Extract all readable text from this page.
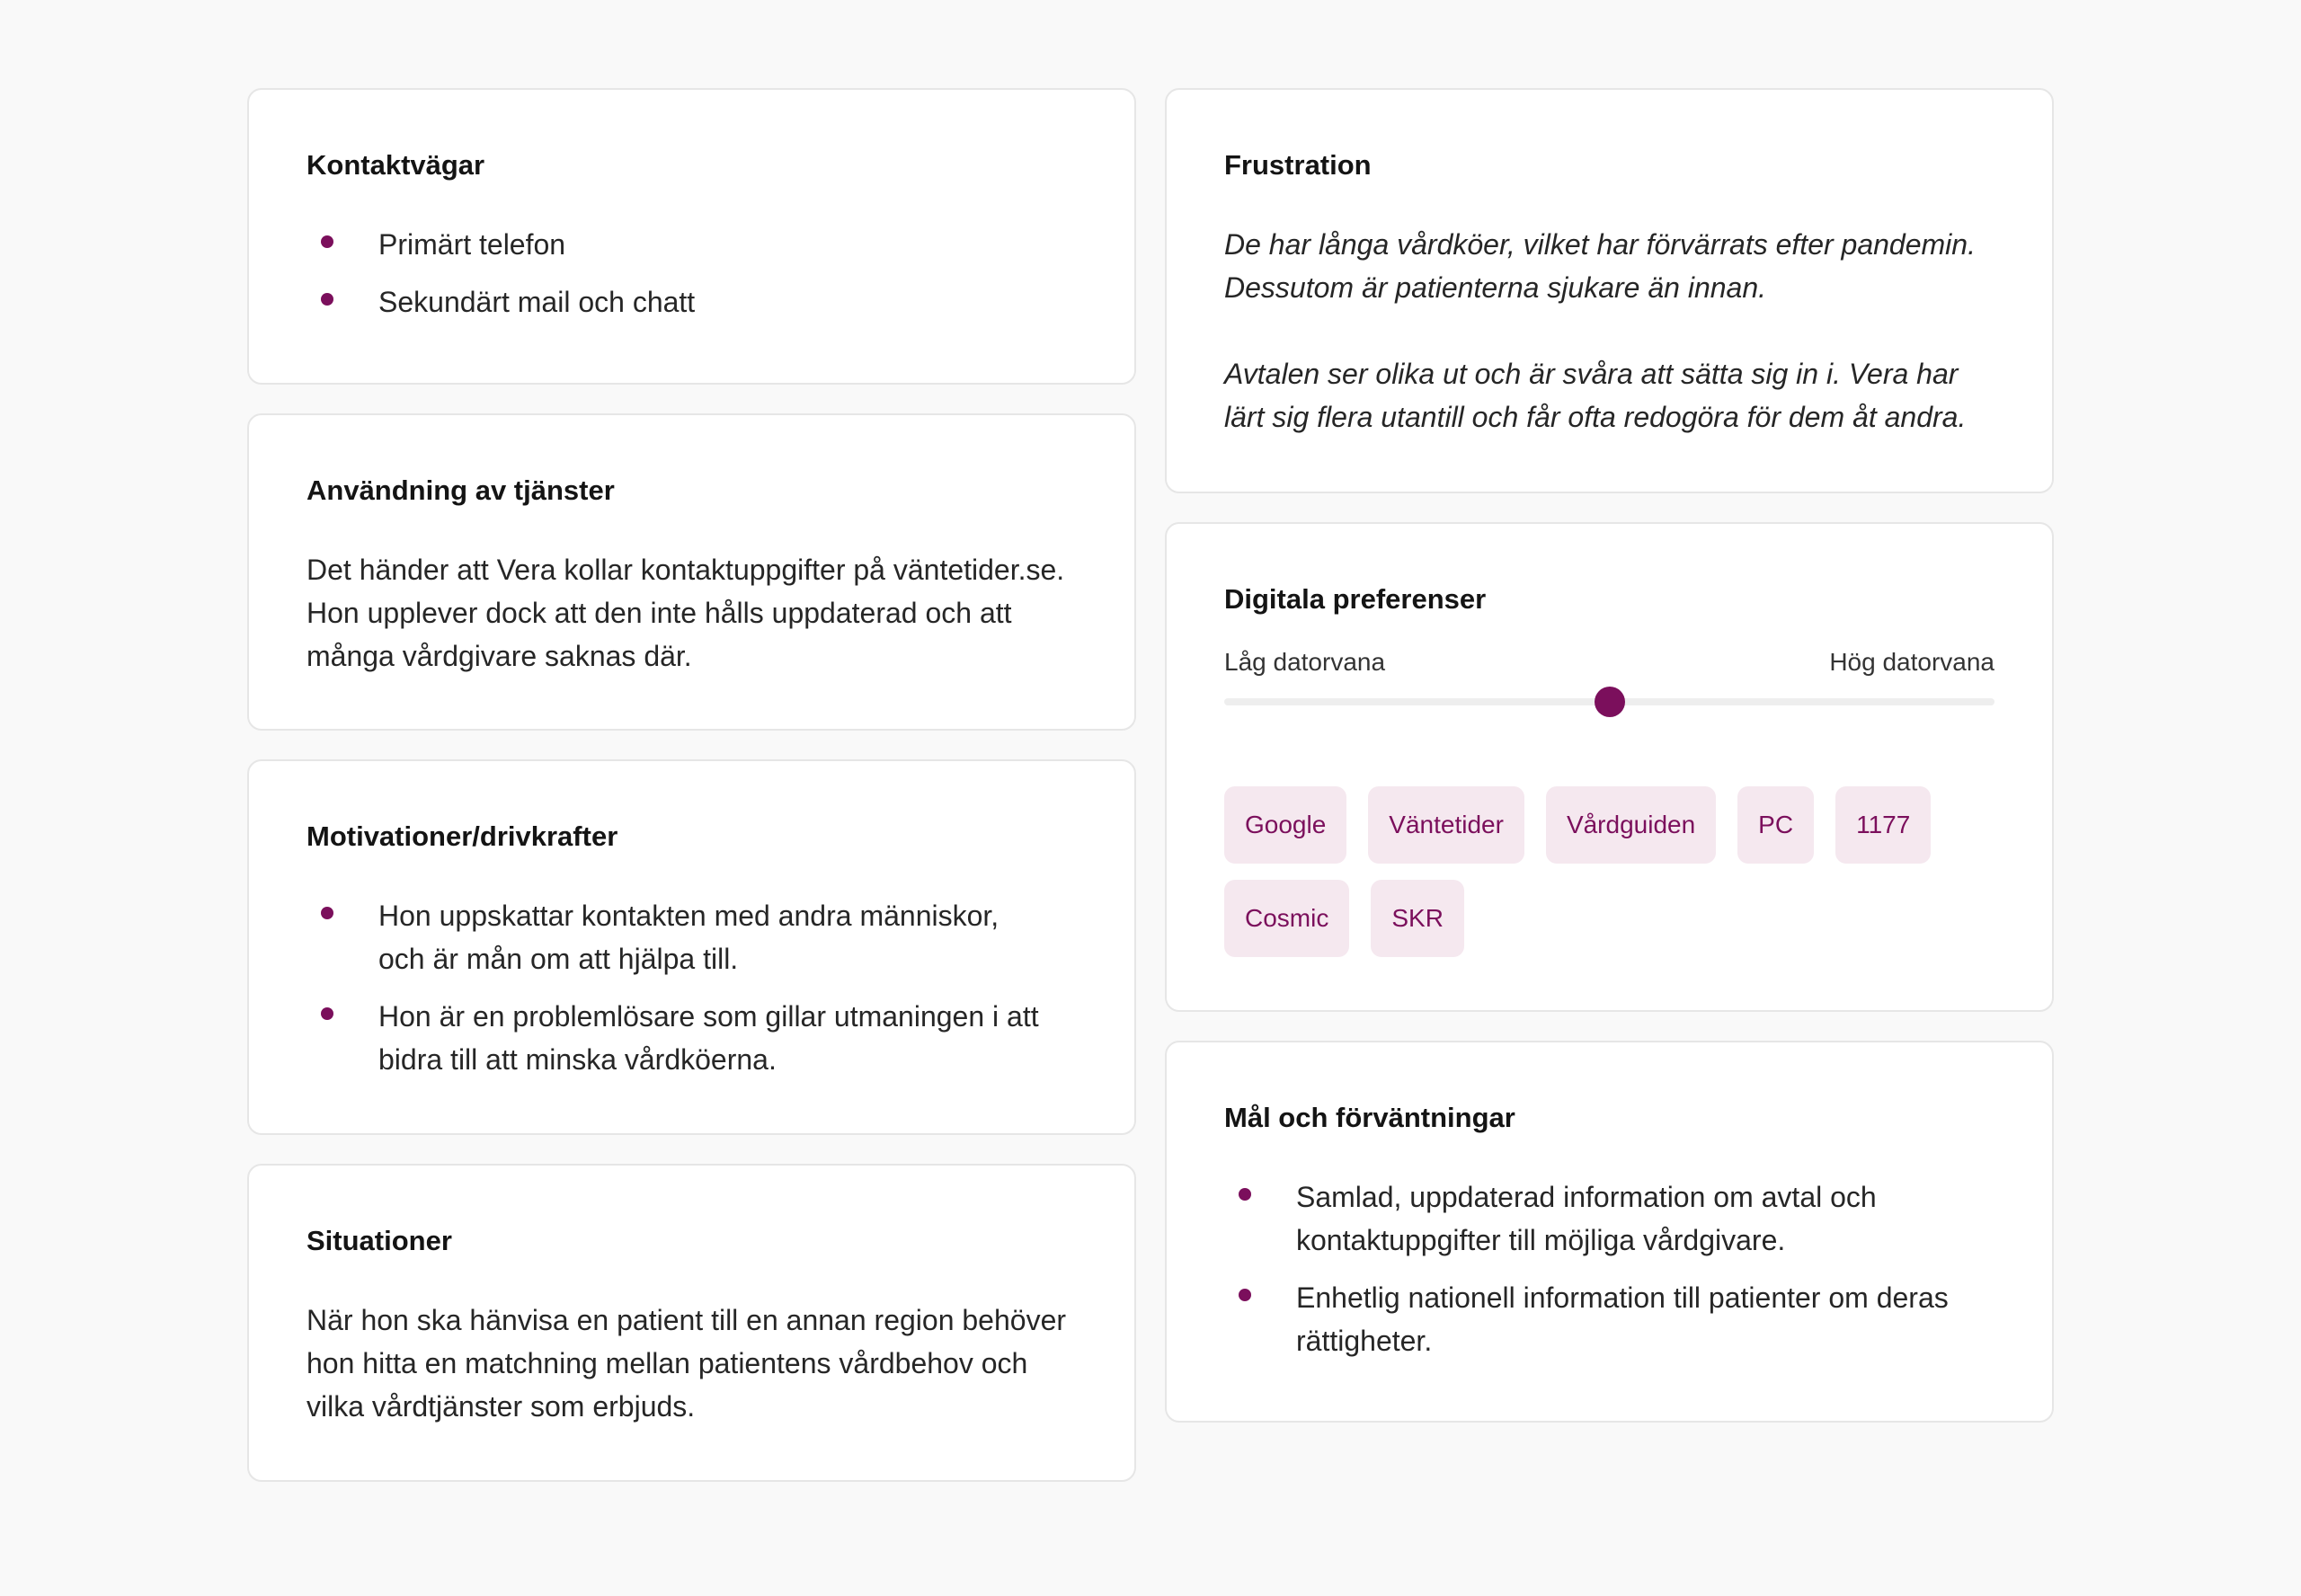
Kontaktvägar
Primärt telefon
Sekundärt mail och chatt
Användning av tjänster

Det händer att Vera kollar kontaktuppgifter på väntetider.se. Hon upplever dock att den inte hålls uppdaterad och att många vårdgivare saknas där.

Motivationer/drivkrafter
Hon uppskattar kontakten med andra människor, och är mån om att hjälpa till.
Hon är en problemlösare som gillar utmaningen i att bidra till att minska vårdköerna.
Situationer

När hon ska hänvisa en patient till en annan region behöver hon hitta en matchning mellan patientens vårdbehov och vilka vårdtjänster som erbjuds.

Frustration

De har långa vårdköer, vilket har förvärrats efter pandemin. Dessutom är patienterna sjukare än innan.

Avtalen ser olika ut och är svåra att sätta sig in i. Vera har lärt sig flera utantill och får ofta redogöra för dem åt andra.

Digitala preferenser
Låg datorvana	Hög datorvana
Google	Väntetider	Vårdguiden	PC	1177
Cosmic	SKR
Mål och förväntningar
Samlad, uppdaterad information om avtal och kontaktuppgifter till möjliga vårdgivare.
Enhetlig nationell information till patienter om deras rättigheter.
